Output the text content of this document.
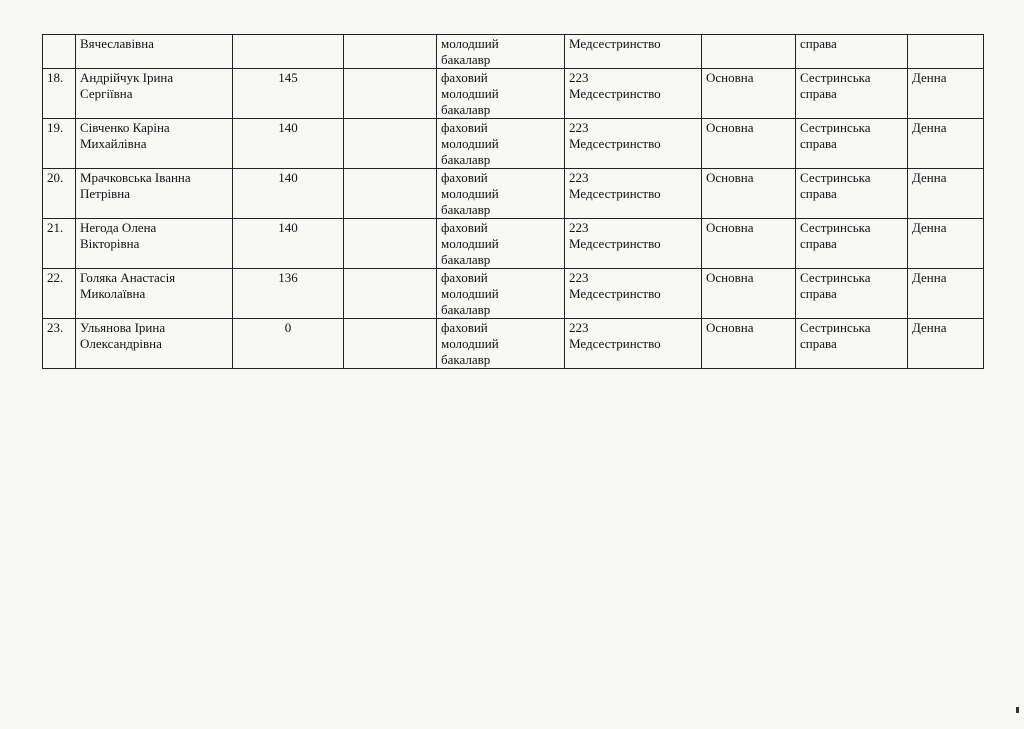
	Вячеславівна			молодший
бакалавр	Медсестринство		справа	

18.	Андрійчук Ірина
Сергіївна	145		фаховий
молодший
бакалавр	223
Медсестринство	Основна	Сестринська
справа	Денна
19.	Сівченко Каріна
Михайлівна	140		фаховий
молодший
бакалавр	223
Медсестринство	Основна	Сестринська
справа	Денна
20.	Мрачковська Іванна
Петрівна	140		фаховий
молодший
бакалавр	223
Медсестринство	Основна	Сестринська
справа	Денна
21.	Негода Олена
Вікторівна	140		фаховий
молодший
бакалавр	223
Медсестринство	Основна	Сестринська
справа	Денна
22.	Голяка Анастасія
Миколаївна	136		фаховий
молодший
бакалавр	223
Медсестринство	Основна	Сестринська
справа	Денна
23.	Ульянова Ірина
Олександрівна	0		фаховий
молодший
бакалавр	223
Медсестринство	Основна	Сестринська
справа	Денна
